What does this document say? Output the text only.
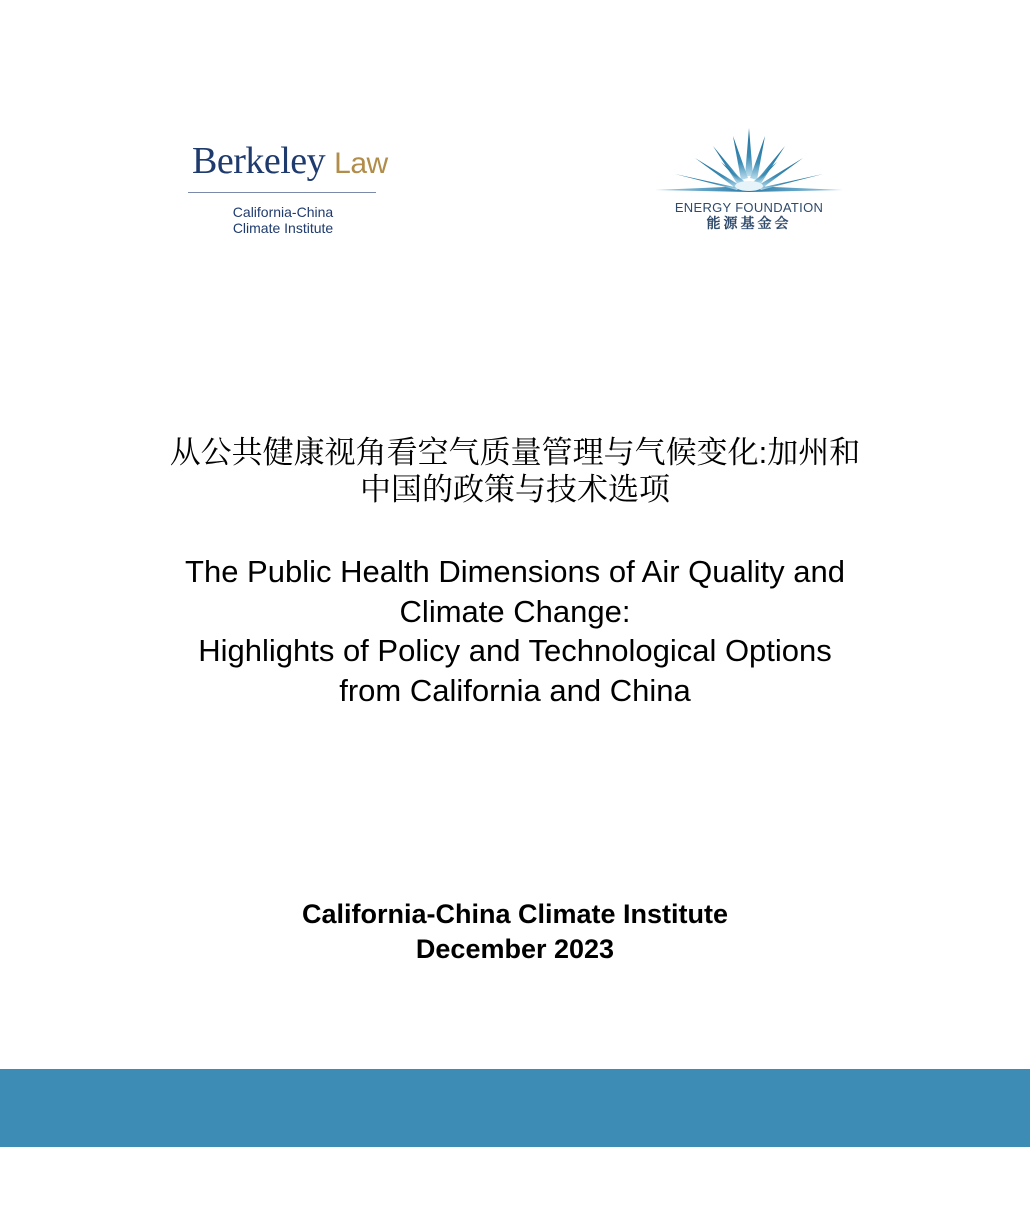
Berkeley Law
California-China
Climate Institute
ENERGY FOUNDATION
能源基金会
从公共健康视角看空气质量管理与气候变化:加州和
中国的政策与技术选项
The Public Health Dimensions of Air Quality and
Climate Change:
Highlights of Policy and Technological Options
from California and China
California-China Climate Institute
December 2023
